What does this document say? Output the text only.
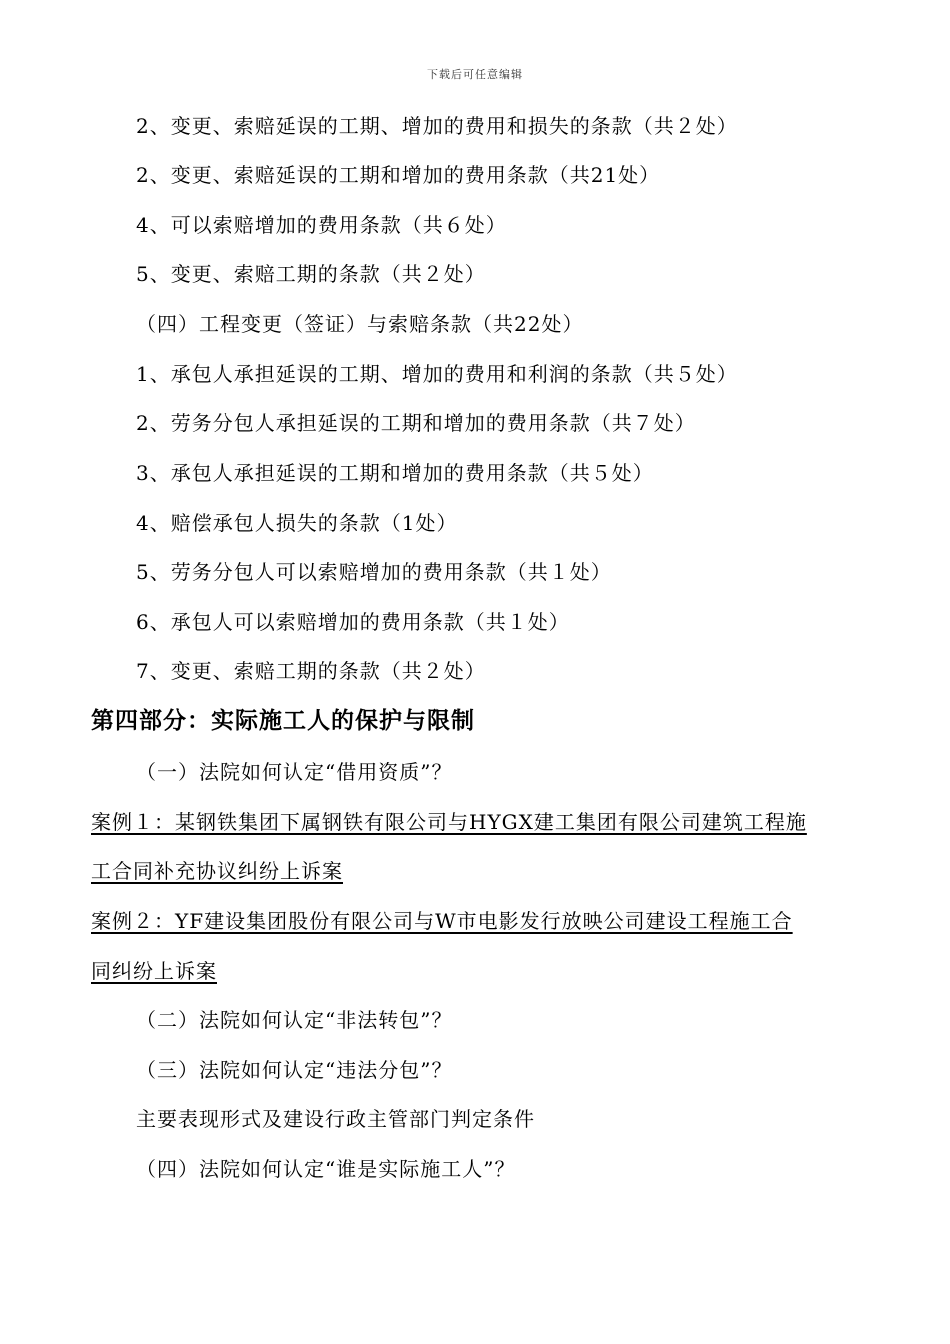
下载后可任意编辑
2、变更、索赔延误的工期、增加的费用和损失的条款（共２处）
2、变更、索赔延误的工期和增加的费用条款（共21处）
4、可以索赔增加的费用条款（共６处）
5、变更、索赔工期的条款（共２处）
（四）工程变更（签证）与索赔条款（共22处）
1、承包人承担延误的工期、增加的费用和利润的条款（共５处）
2、劳务分包人承担延误的工期和增加的费用条款（共７处）
3、承包人承担延误的工期和增加的费用条款（共５处）
4、赔偿承包人损失的条款（1处）
5、劳务分包人可以索赔增加的费用条款（共１处）
6、承包人可以索赔增加的费用条款（共１处）
7、变更、索赔工期的条款（共２处）
第四部分：实际施工人的保护与限制
（一）法院如何认定“借用资质”？
案例１：某钢铁集团下属钢铁有限公司与HYGX建工集团有限公司建筑工程施
工合同补充协议纠纷上诉案
案例２：YF建设集团股份有限公司与W市电影发行放映公司建设工程施工合
同纠纷上诉案
（二）法院如何认定“非法转包”？
（三）法院如何认定“违法分包”？
主要表现形式及建设行政主管部门判定条件
（四）法院如何认定“谁是实际施工人”？
